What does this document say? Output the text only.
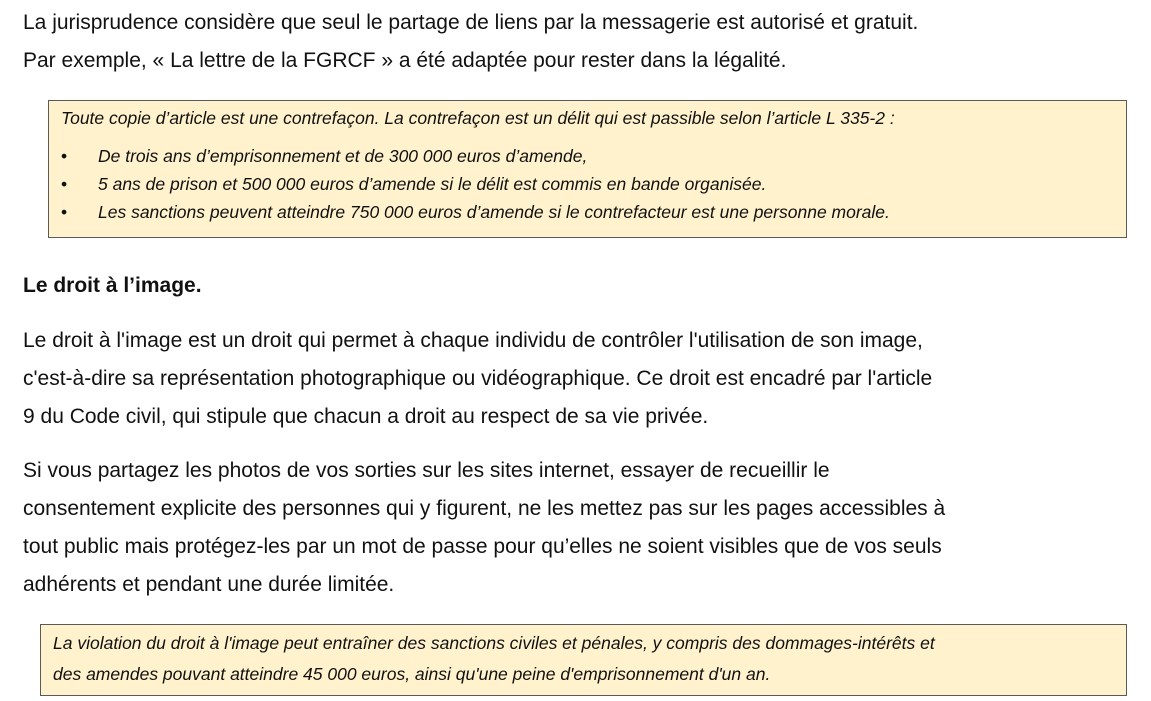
La jurisprudence considère que seul le partage de liens par la messagerie est autorisé et gratuit.
Par exemple, « La lettre de la FGRCF » a été adaptée pour rester dans la légalité.

Toute copie d’article est une contrefaçon. La contrefaçon est un délit qui est passible selon l’article L 335-2 :
• De trois ans d’emprisonnement et de 300 000 euros d’amende,
• 5 ans de prison et 500 000 euros d’amende si le délit est commis en bande organisée.
• Les sanctions peuvent atteindre 750 000 euros d’amende si le contrefacteur est une personne morale.
Le droit à l’image.

Le droit à l'image est un droit qui permet à chaque individu de contrôler l'utilisation de son image,
c'est-à-dire sa représentation photographique ou vidéographique. Ce droit est encadré par l'article
9 du Code civil, qui stipule que chacun a droit au respect de sa vie privée.

Si vous partagez les photos de vos sorties sur les sites internet, essayer de recueillir le
consentement explicite des personnes qui y figurent, ne les mettez pas sur les pages accessibles à
tout public mais protégez-les par un mot de passe pour qu’elles ne soient visibles que de vos seuls
adhérents et pendant une durée limitée.

La violation du droit à l'image peut entraîner des sanctions civiles et pénales, y compris des dommages-intérêts et
des amendes pouvant atteindre 45 000 euros, ainsi qu'une peine d'emprisonnement d'un an.
